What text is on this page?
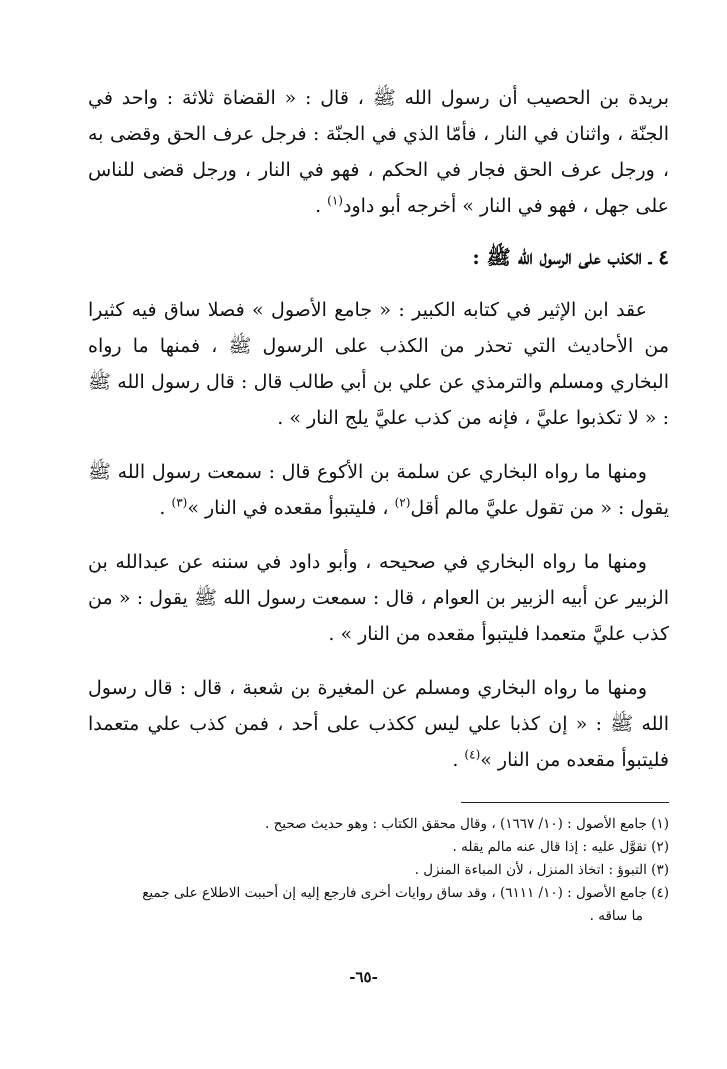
بريدة بن الحصيب أن رسول الله ﷺ ، قال : « القضاة ثلاثة : واحد في الجنّة ، واثنان في النار ، فأمّا الذي في الجنّة : فرجل عرف الحق وقضى به ، ورجل عرف الحق فجار في الحكم ، فهو في النار ، ورجل قضى للناس على جهل ، فهو في النار » أخرجه أبو داود$^{(١)}$ .

٤ ـ الكذب على الرسول الله ﷺ :

عقد ابن الإثير في كتابه الكبير : « جامع الأصول » فصلا ساق فيه كثيرا من الأحاديث التي تحذر من الكذب على الرسول ﷺ ، فمنها ما رواه البخاري ومسلم والترمذي عن علي بن أبي طالب قال : قال رسول الله ﷺ : « لا تكذبوا عليَّ ، فإنه من كذب عليَّ يلج النار » .

ومنها ما رواه البخاري عن سلمة بن الأكوع قال : سمعت رسول الله ﷺ يقول : « من تقول عليَّ مالم أقل$^{(٢)}$ ، فليتبوأ مقعده في النار »$^{(٣)}$ .

ومنها ما رواه البخاري في صحيحه ، وأبو داود في سننه عن عبدالله بن الزبير عن أبيه الزبير بن العوام ، قال : سمعت رسول الله ﷺ يقول : « من كذب عليَّ متعمدا فليتبوأ مقعده من النار » .

ومنها ما رواه البخاري ومسلم عن المغيرة بن شعبة ، قال : قال رسول الله ﷺ : « إن كذبا علي ليس ككذب على أحد ، فمن كذب علي متعمدا فليتبوأ مقعده من النار »$^{(٤)}$ .

(١) جامع الأصول : (١٠/ ١٦٦٧) ، وقال محقق الكتاب : وهو حديث صحيح .

(٢) تقوَّل عليه : إذا قال عنه مالم يقله .

(٣) التبوؤ : اتخاذ المنزل ، لأن المباءة المنزل .

(٤) جامع الأصول : (١٠/ ٦١١١) ، وقد ساق روايات أخرى فارجع إليه إن أحببت الاطلاع على جميع

ما ساقه .

-٦٥-
